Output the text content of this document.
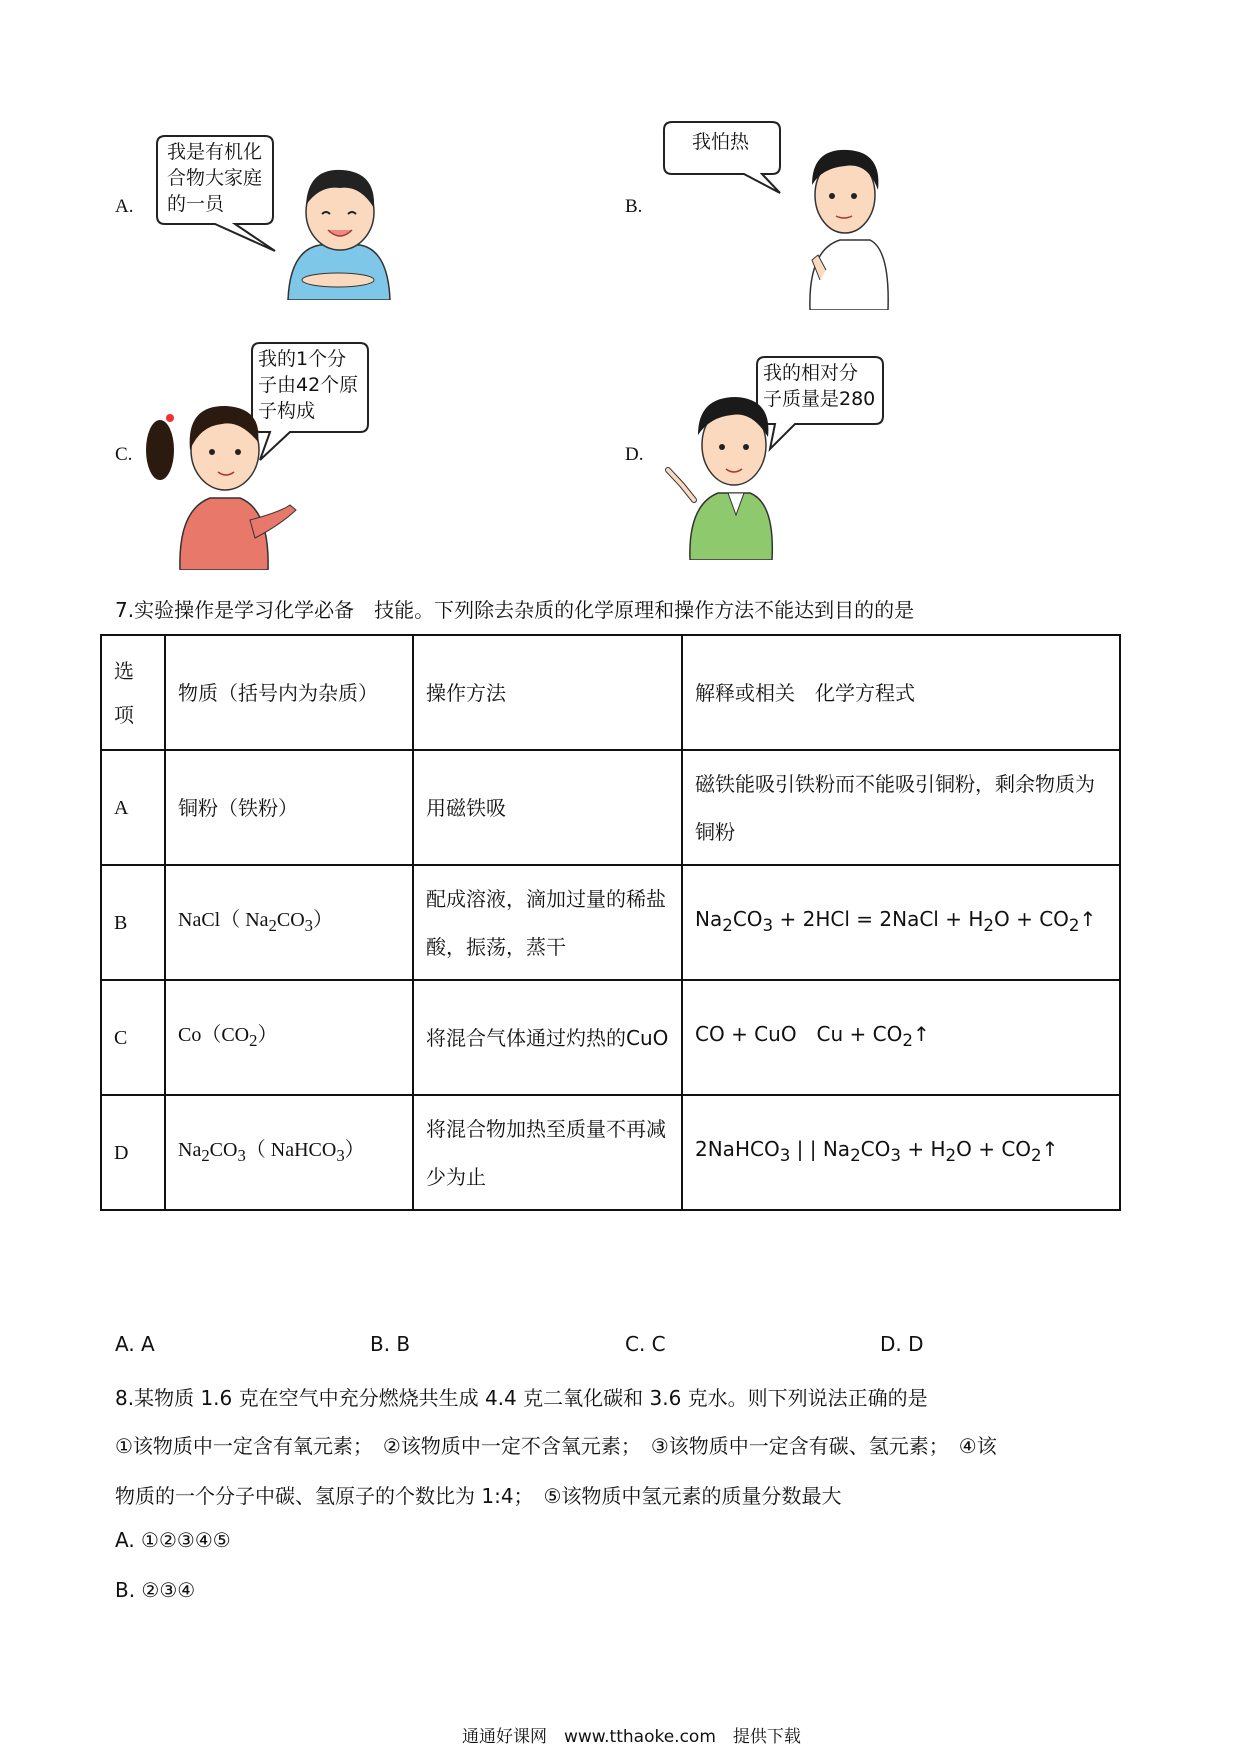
A.	B.
C.	D.
我是有机化
合物大家庭
的一员
我怕热
我的1个分
子由42个原
子构成
我的相对分
子质量是280
7.实验操作是学习化学必备　技能。下列除去杂质的化学原理和操作方法不能达到目的的是
选项	物质（括号内为杂质）	操作方法	解释或相关　化学方程式
A	铜粉（铁粉）	用磁铁吸	磁铁能吸引铁粉而不能吸引铜粉，剩余物质为铜粉
B	NaCl（ $Na_2CO_3$）	配成溶液，滴加过量的稀盐酸，振荡，蒸干	$Na_2CO_3 + 2HCl$ = 2NaCl + $H_2O$ + $CO_2↑$
C	$Co(CO_2)$	将混合气体通过灼热的CuO	CO + CuO　$Cu + CO_2↑$
D	$Na_2CO_3$（ NaHCO$_3$）	将混合物加热至质量不再减少为止	2NaHCO$_3$ | | $Na_2CO_3 + H_2O$ + $CO_2↑$
A. A	B. B	C. C	D. D
8.某物质 1.6 克在空气中充分燃烧共生成 4.4 克二氧化碳和 3.6 克水。则下列说法正确的是
①该物质中一定含有氧元素；　②该物质中一定不含氧元素；　③该物质中一定含有碳、氢元素；　④该
物质的一个分子中碳、氢原子的个数比为 1:4；　⑤该物质中氢元素的质量分数最大
A. ①②③④⑤
B. ②③④
通通好课网　www.tthaoke.com　提供下载
